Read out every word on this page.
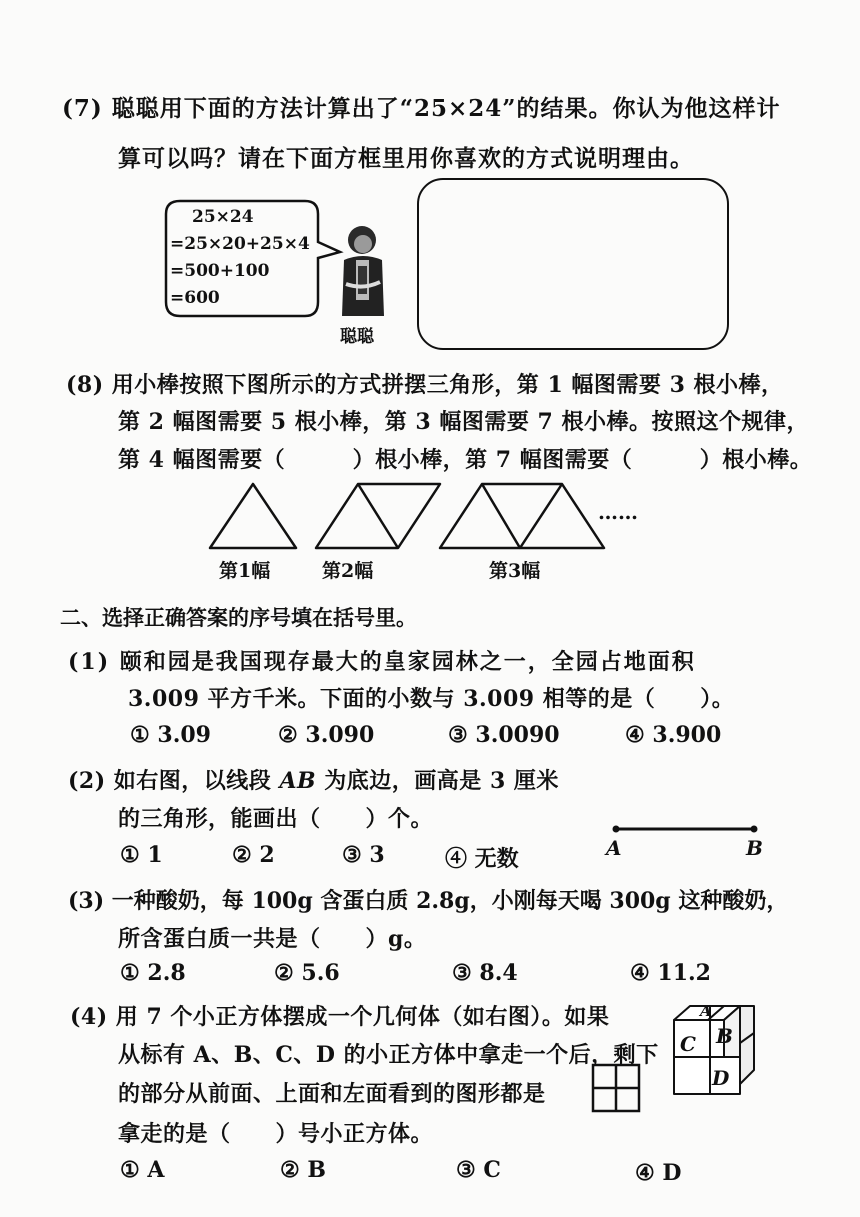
(7) 聪聪用下面的方法计算出了“25×24”的结果。你认为他这样计
算可以吗？请在下面方框里用你喜欢的方式说明理由。
25×24
=25×20+25×4
=500+100
=600
聪聪
(8) 用小棒按照下图所示的方式拼摆三角形，第 1 幅图需要 3 根小棒，
第 2 幅图需要 5 根小棒，第 3 幅图需要 7 根小棒。按照这个规律，
第 4 幅图需要（　　　）根小棒，第 7 幅图需要（　　　）根小棒。
……
第1幅	第2幅	第3幅
二、选择正确答案的序号填在括号里。
(1) 颐和园是我国现存最大的皇家园林之一，全园占地面积
3.009 平方千米。下面的小数与 3.009 相等的是（　　）。
① 3.09	② 3.090	③ 3.0090	④ 3.900
(2) 如右图，以线段 AB 为底边，画高是 3 厘米
的三角形，能画出（　　）个。
① 1	② 2	③ 3	④ 无数	A	B
(3) 一种酸奶，每 100g 含蛋白质 2.8g，小刚每天喝 300g 这种酸奶，
所含蛋白质一共是（　　）g。
① 2.8	② 5.6	③ 8.4	④ 11.2
(4) 用 7 个小正方体摆成一个几何体（如右图）。如果
从标有 A、B、C、D 的小正方体中拿走一个后，剩下
的部分从前面、上面和左面看到的图形都是
拿走的是（　　）号小正方体。
A
B
C
D
① A	② B	③ C	④ D
